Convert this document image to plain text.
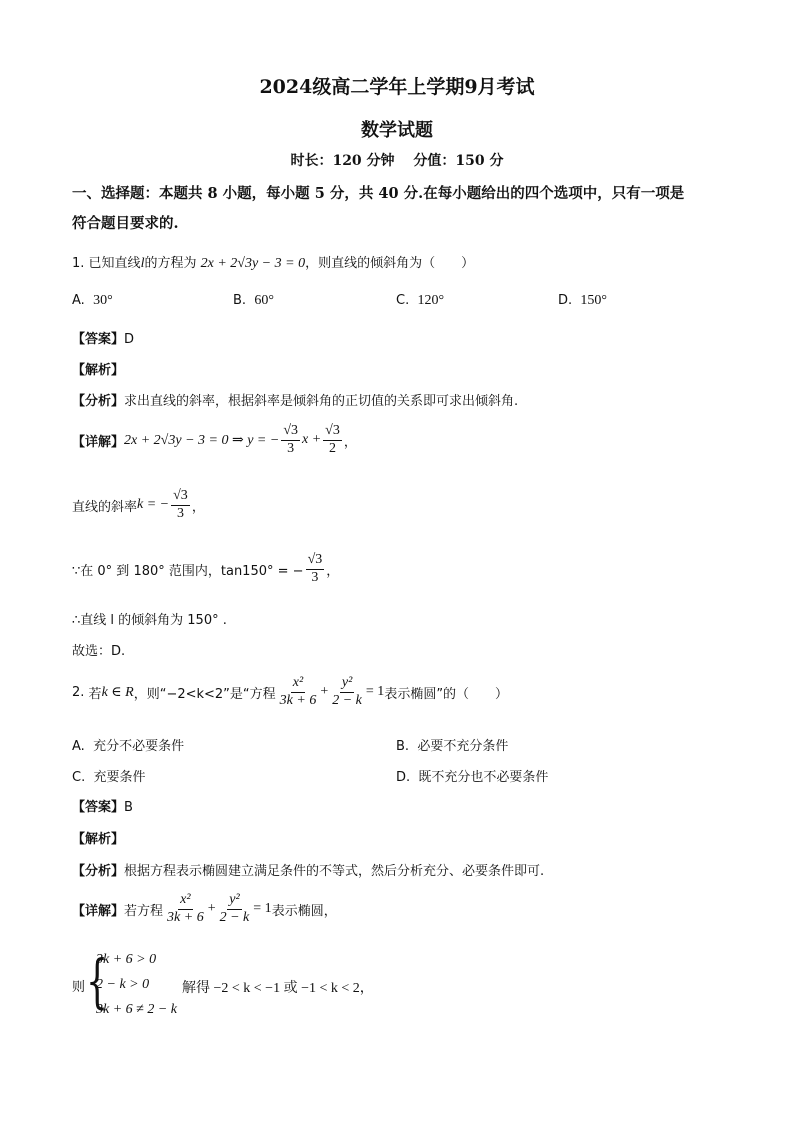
2024级高二学年上学期9月考试
数学试题
时长：120 分钟　 分值：150 分
一、选择题：本题共 8 小题，每小题 5 分，共 40 分.在每小题给出的四个选项中，只有一项是
符合题目要求的.
1. 已知直线l的方程为 2x + 2√3y − 3 = 0，则直线的倾斜角为（　　）
A. 30°	B. 60°	C. 120°	D. 150°
【答案】D
【解析】
【分析】求出直线的斜率，根据斜率是倾斜角的正切值的关系即可求出倾斜角.
【详解】 2x + 2√3y − 3 = 0 ⇒ y = − $\frac{√3}{3}$ $x + \frac{√3}{2}$ ，
直线的斜率 k = − $\frac{√3}{3}$ ，
∵在 0° 到 180° 范围内，tan150° = − $\frac{√3}{3}$ ，
∴直线 l 的倾斜角为 150° .
故选：D.
2.
若 k ∈ R ，则“−2<k<2”是“方程 $\frac{\text{x²}}{3k + 6} + \frac{\text{y²}}{2 - k} = 1$ 表示椭圆”的（　　）
A. 充分不必要条件	B. 必要不充分条件
C. 充要条件	D. 既不充分也不必要条件
【答案】B
【解析】
【分析】根据方程表示椭圆建立满足条件的不等式，然后分析充分、必要条件即可.
【详解】 若方程 $\frac{\text{x²}}{3k + 6} + \frac{\text{y²}}{2 - k} = 1$ 表示椭圆，
则 {
3k + 6 > 0
2 − k > 0
3k + 6 ≠ 2 − k
解得 −2 < k < −1 或 −1 < k < 2，
